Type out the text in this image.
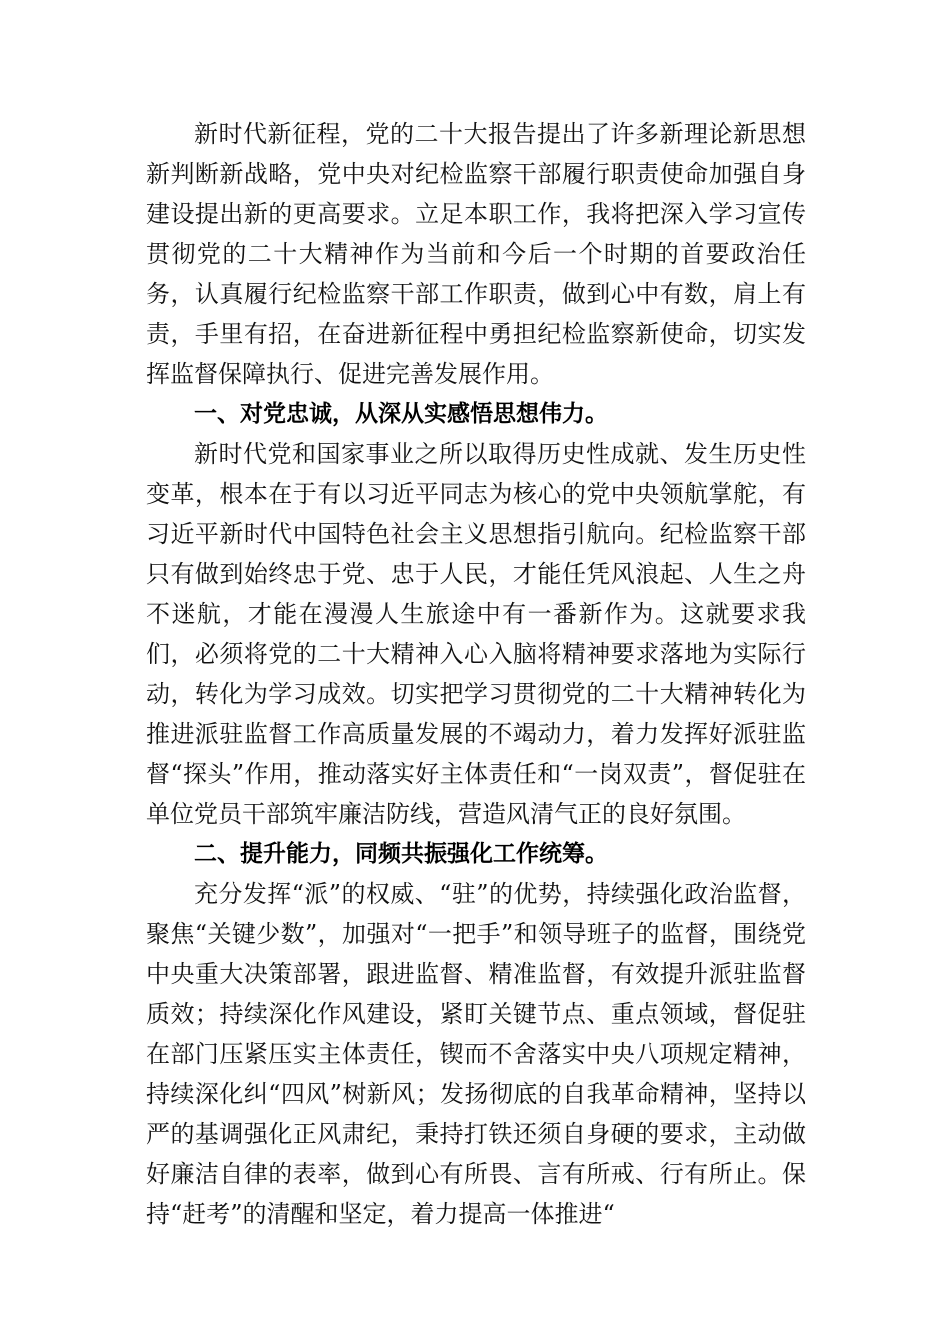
新时代新征程，党的二十大报告提出了许多新理论新思想新判断新战略，党中央对纪检监察干部履行职责使命加强自身建设提出新的更高要求。立足本职工作，我将把深入学习宣传贯彻党的二十大精神作为当前和今后一个时期的首要政治任务，认真履行纪检监察干部工作职责，做到心中有数，肩上有责，手里有招，在奋进新征程中勇担纪检监察新使命，切实发挥监督保障执行、促进完善发展作用。

一、对党忠诚，从深从实感悟思想伟力。

新时代党和国家事业之所以取得历史性成就、发生历史性变革，根本在于有以习近平同志为核心的党中央领航掌舵，有习近平新时代中国特色社会主义思想指引航向。纪检监察干部只有做到始终忠于党、忠于人民，才能任凭风浪起、人生之舟不迷航，才能在漫漫人生旅途中有一番新作为。这就要求我们，必须将党的二十大精神入心入脑将精神要求落地为实际行动，转化为学习成效。切实把学习贯彻党的二十大精神转化为推进派驻监督工作高质量发展的不竭动力，着力发挥好派驻监督“探头”作用，推动落实好主体责任和“一岗双责”，督促驻在单位党员干部筑牢廉洁防线，营造风清气正的良好氛围。

二、提升能力，同频共振强化工作统筹。

充分发挥“派”的权威、“驻”的优势，持续强化政治监督，聚焦“关键少数”，加强对“一把手”和领导班子的监督，围绕党中央重大决策部署，跟进监督、精准监督，有效提升派驻监督质效；持续深化作风建设，紧盯关键节点、重点领域，督促驻在部门压紧压实主体责任，锲而不舍落实中央八项规定精神，持续深化纠“四风”树新风；发扬彻底的自我革命精神，坚持以严的基调强化正风肃纪，秉持打铁还须自身硬的要求，主动做好廉洁自律的表率，做到心有所畏、言有所戒、行有所止。保持“赶考”的清醒和坚定，着力提高一体推进“
